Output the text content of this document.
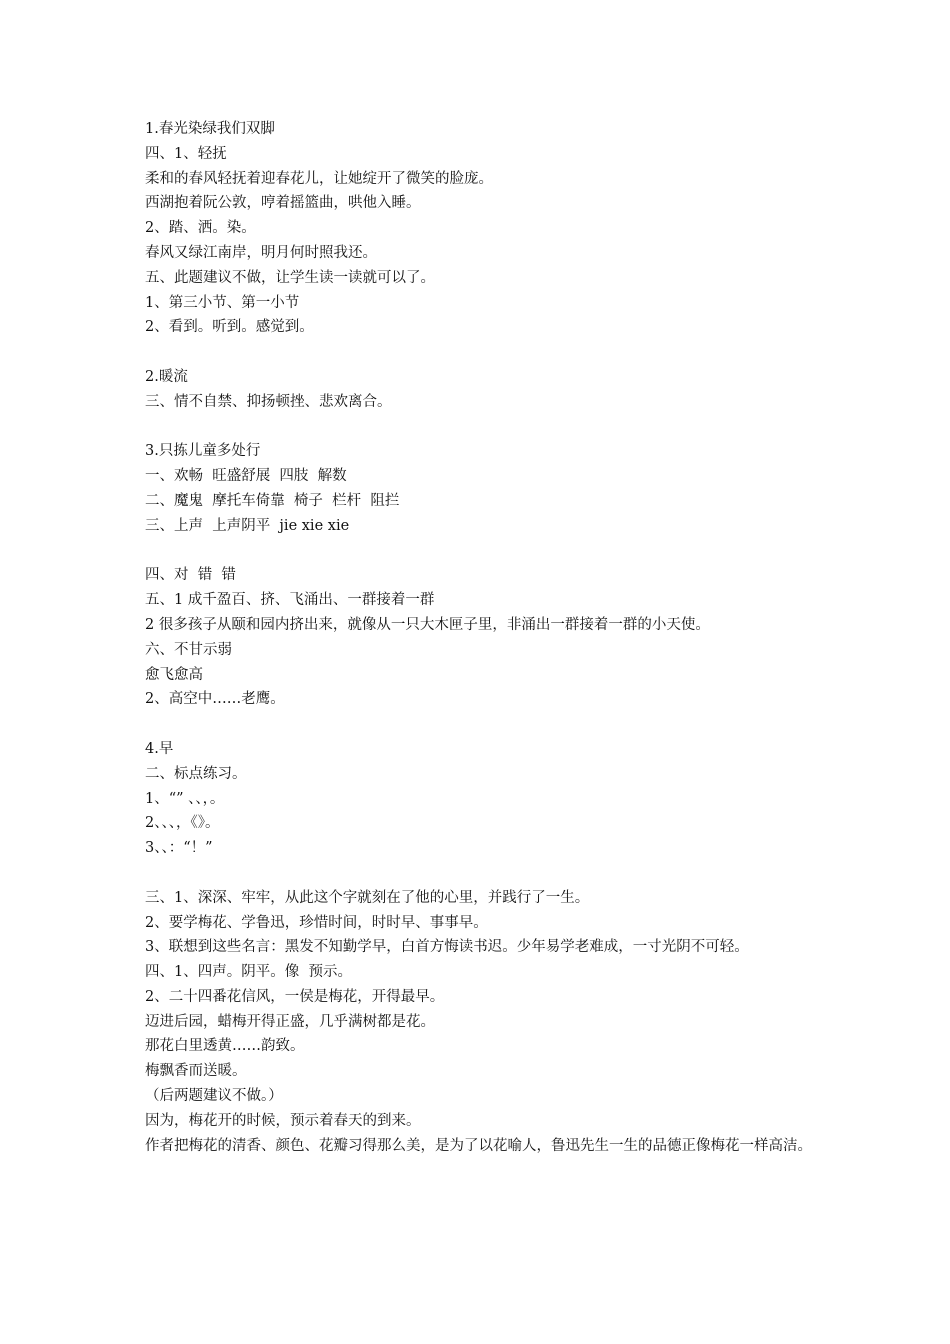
1.春光染绿我们双脚
四、1、轻抚
柔和的春风轻抚着迎春花儿，让她绽开了微笑的脸庞。
西湖抱着阮公敦，哼着摇篮曲，哄他入睡。
2、踏、洒。染。
春风又绿江南岸，明月何时照我还。
五、此题建议不做，让学生读一读就可以了。
1、第三小节、第一小节
2、看到。听到。感觉到。
2.暖流
三、情不自禁、抑扬顿挫、悲欢离合。
3.只拣儿童多处行
一、欢畅  旺盛舒展  四肢  解数
二、魔鬼  摩托车倚靠  椅子  栏杆  阻拦
三、上声  上声阴平  jie xie xie
四、对  错  错
五、1 成千盈百、挤、飞涌出、一群接着一群
2 很多孩子从颐和园内挤出来，就像从一只大木匣子里，非涌出一群接着一群的小天使。
六、不甘示弱
愈飞愈高
2、高空中……老鹰。
4.早
二、标点练习。
1、“” 、、，。
2、、、，《》。
3、、：“！”
三、1、深深、牢牢，从此这个字就刻在了他的心里，并践行了一生。
2、要学梅花、学鲁迅，珍惜时间，时时早、事事早。
3、联想到这些名言：黑发不知勤学早，白首方悔读书迟。少年易学老难成，一寸光阴不可轻。
四、1、四声。阴平。像  预示。
2、二十四番花信风，一侯是梅花，开得最早。
迈进后园，蜡梅开得正盛，几乎满树都是花。
那花白里透黄……韵致。
梅飘香而送暖。
（后两题建议不做。）
因为，梅花开的时候，预示着春天的到来。
作者把梅花的清香、颜色、花瓣习得那么美，是为了以花喻人，鲁迅先生一生的品德正像梅花一样高洁。
